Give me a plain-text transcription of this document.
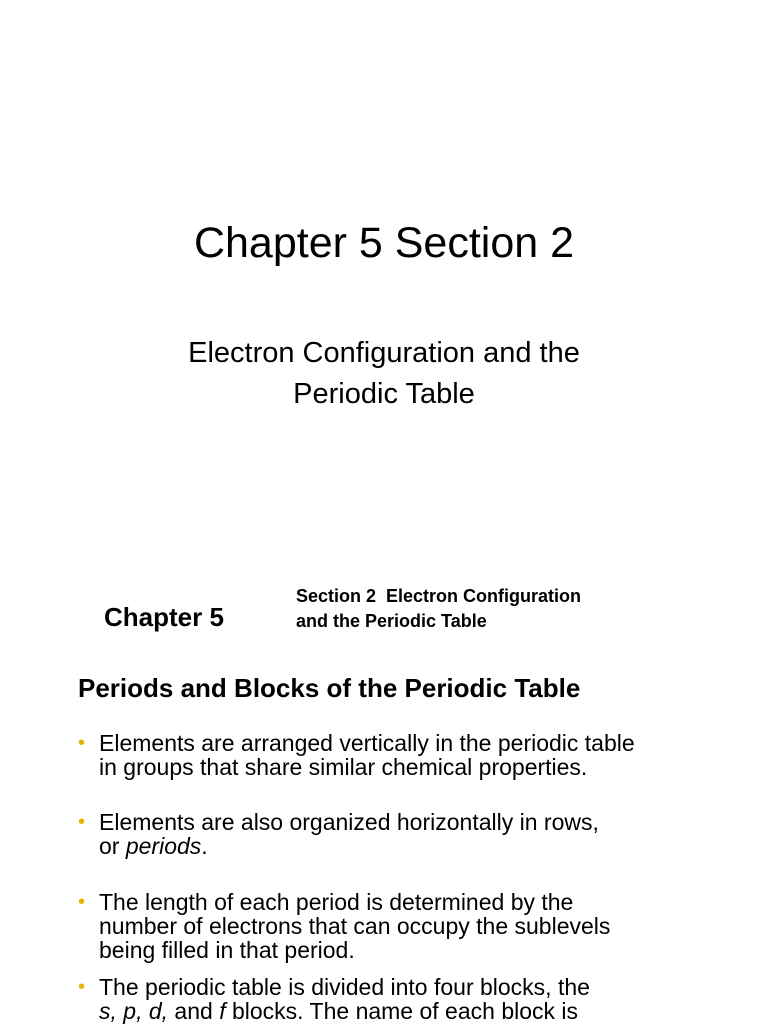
Chapter 5 Section 2
Electron Configuration and the
Periodic Table
Chapter 5
Section 2  Electron Configuration
and the Periodic Table
Periods and Blocks of the Periodic Table
• Elements are arranged vertically in the periodic table
in groups that share similar chemical properties.
• Elements are also organized horizontally in rows,
or periods.
• The length of each period is determined by the
number of electrons that can occupy the sublevels
being filled in that period.
• The periodic table is divided into four blocks, the
s, p, d, and f blocks. The name of each block is
